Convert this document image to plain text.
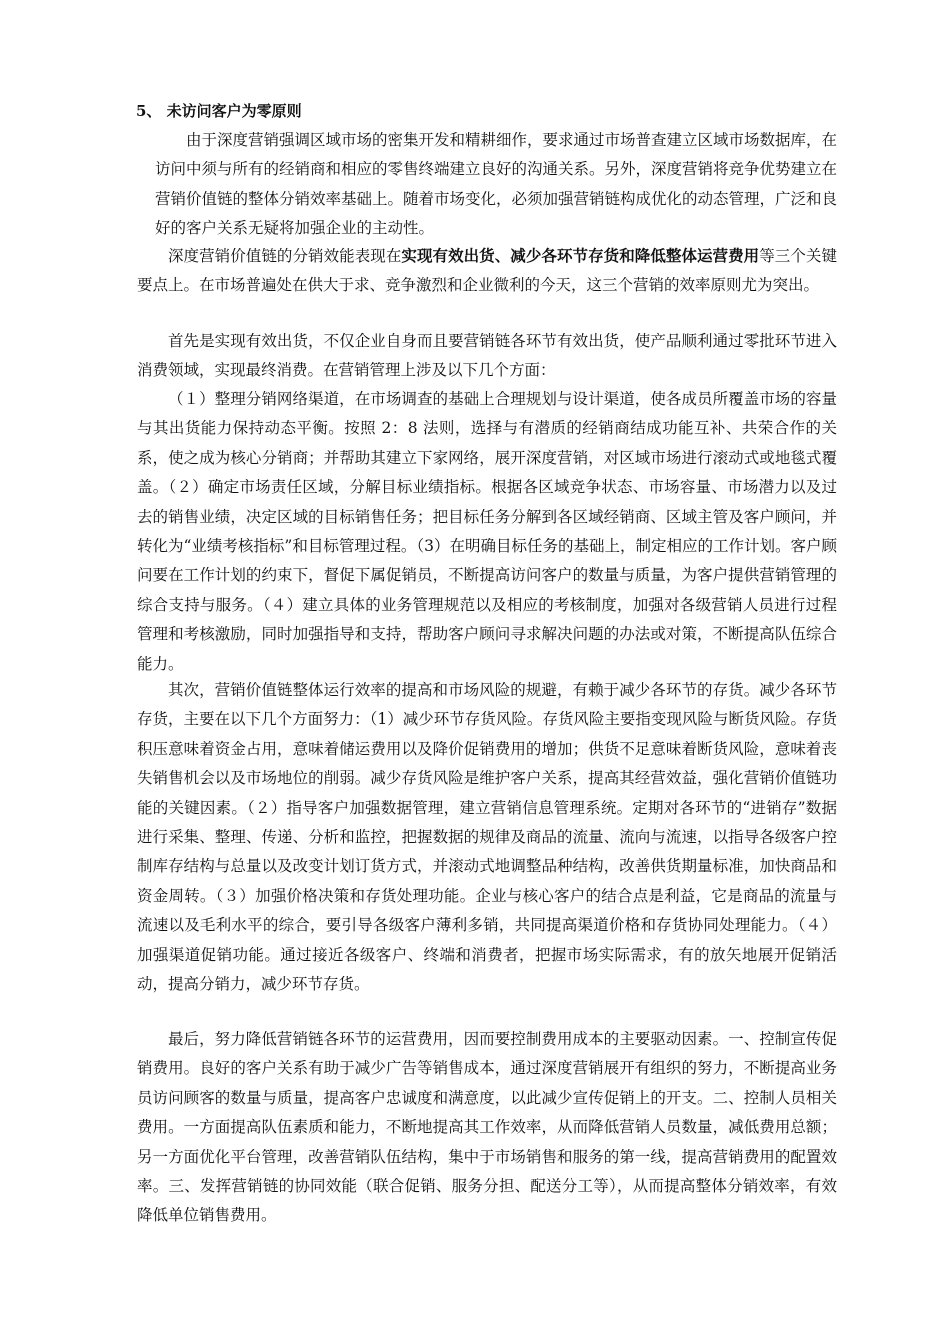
5、 未访问客户为零原则

由于深度营销强调区域市场的密集开发和精耕细作，要求通过市场普查建立区域市场数据库，在访问中须与所有的经销商和相应的零售终端建立良好的沟通关系。另外，深度营销将竞争优势建立在营销价值链的整体分销效率基础上。随着市场变化，必须加强营销链构成优化的动态管理，广泛和良好的客户关系无疑将加强企业的主动性。

深度营销价值链的分销效能表现在实现有效出货、减少各环节存货和降低整体运营费用等三个关键要点上。在市场普遍处在供大于求、竞争激烈和企业微利的今天，这三个营销的效率原则尤为突出。

首先是实现有效出货，不仅企业自身而且要营销链各环节有效出货，使产品顺利通过零批环节进入消费领域，实现最终消费。在营销管理上涉及以下几个方面：

（１）整理分销网络渠道，在市场调查的基础上合理规划与设计渠道，使各成员所覆盖市场的容量与其出货能力保持动态平衡。按照 2：8 法则，选择与有潜质的经销商结成功能互补、共荣合作的关系，使之成为核心分销商；并帮助其建立下家网络，展开深度营销，对区域市场进行滚动式或地毯式覆盖。（２）确定市场责任区域，分解目标业绩指标。根据各区域竞争状态、市场容量、市场潜力以及过去的销售业绩，决定区域的目标销售任务；把目标任务分解到各区域经销商、区域主管及客户顾问，并转化为“业绩考核指标”和目标管理过程。（3）在明确目标任务的基础上，制定相应的工作计划。客户顾问要在工作计划的约束下，督促下属促销员，不断提高访问客户的数量与质量，为客户提供营销管理的综合支持与服务。（４）建立具体的业务管理规范以及相应的考核制度，加强对各级营销人员进行过程管理和考核激励，同时加强指导和支持，帮助客户顾问寻求解决问题的办法或对策，不断提高队伍综合能力。

其次，营销价值链整体运行效率的提高和市场风险的规避，有赖于减少各环节的存货。减少各环节存货，主要在以下几个方面努力：（1）减少环节存货风险。存货风险主要指变现风险与断货风险。存货积压意味着资金占用，意味着储运费用以及降价促销费用的增加；供货不足意味着断货风险，意味着丧失销售机会以及市场地位的削弱。减少存货风险是维护客户关系，提高其经营效益，强化营销价值链功能的关键因素。（２）指导客户加强数据管理，建立营销信息管理系统。定期对各环节的“进销存”数据进行采集、整理、传递、分析和监控，把握数据的规律及商品的流量、流向与流速，以指导各级客户控制库存结构与总量以及改变计划订货方式，并滚动式地调整品种结构，改善供货期量标准，加快商品和资金周转。（３）加强价格决策和存货处理功能。企业与核心客户的结合点是利益，它是商品的流量与流速以及毛利水平的综合，要引导各级客户薄利多销，共同提高渠道价格和存货协同处理能力。（４）加强渠道促销功能。通过接近各级客户、终端和消费者，把握市场实际需求，有的放矢地展开促销活动，提高分销力，减少环节存货。

最后，努力降低营销链各环节的运营费用，因而要控制费用成本的主要驱动因素。一、控制宣传促销费用。良好的客户关系有助于减少广告等销售成本，通过深度营销展开有组织的努力，不断提高业务员访问顾客的数量与质量，提高客户忠诚度和满意度，以此减少宣传促销上的开支。二、控制人员相关费用。一方面提高队伍素质和能力，不断地提高其工作效率，从而降低营销人员数量，减低费用总额；另一方面优化平台管理，改善营销队伍结构，集中于市场销售和服务的第一线，提高营销费用的配置效率。三、发挥营销链的协同效能（联合促销、服务分担、配送分工等），从而提高整体分销效率，有效降低单位销售费用。
